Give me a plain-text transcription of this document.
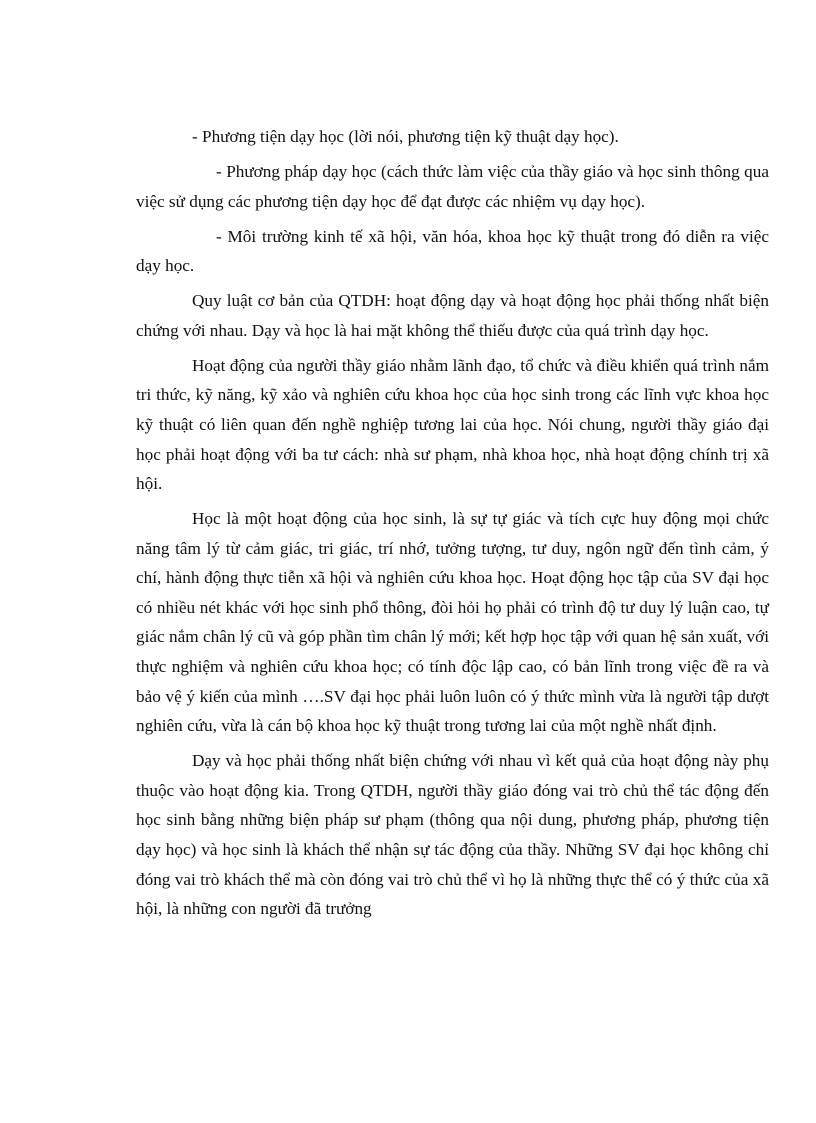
- Phương tiện dạy học (lời nói, phương tiện kỹ thuật dạy học).

- Phương pháp dạy học (cách thức làm việc của thầy giáo và học sinh thông qua việc sử dụng các phương tiện dạy học để đạt được các nhiệm vụ dạy học).

- Môi trường kinh tế xã hội, văn hóa, khoa học kỹ thuật trong đó diễn ra việc dạy học.

Quy luật cơ bản của QTDH: hoạt động dạy và hoạt động học phải thống nhất biện chứng với nhau. Dạy và học là hai mặt không thể thiếu được của quá trình dạy học.

Hoạt động của người thầy giáo nhằm lãnh đạo, tổ chức và điều khiển quá trình nắm tri thức, kỹ năng, kỹ xảo và nghiên cứu khoa học của học sinh trong các lĩnh vực khoa học kỹ thuật có liên quan đến nghề nghiệp tương lai của học. Nói chung, người thầy giáo đại học phải hoạt động với ba tư cách: nhà sư phạm, nhà khoa học, nhà hoạt động chính trị xã hội.

Học là một hoạt động của học sinh, là sự tự giác và tích cực huy động mọi chức năng tâm lý từ cảm giác, tri giác, trí nhớ, tưởng tượng, tư duy, ngôn ngữ đến tình cảm, ý chí, hành động thực tiễn xã hội và nghiên cứu khoa học. Hoạt động học tập của SV đại học có nhiều nét khác với học sinh phổ thông, đòi hỏi họ phải có trình độ tư duy lý luận cao, tự giác nắm chân lý cũ và góp phần tìm chân lý mới; kết hợp học tập với quan hệ sản xuất, với thực nghiệm và nghiên cứu khoa học; có tính độc lập cao, có bản lĩnh trong việc đề ra và bảo vệ ý kiến của mình ….SV đại học phải luôn luôn có ý thức mình vừa là người tập dượt nghiên cứu, vừa là cán bộ khoa học kỹ thuật trong tương lai của một nghề nhất định.

Dạy và học phải thống nhất biện chứng với nhau vì kết quả của hoạt động này phụ thuộc vào hoạt động kia. Trong QTDH, người thầy giáo đóng vai trò chủ thể tác động đến học sinh bằng những biện pháp sư phạm (thông qua nội dung, phương pháp, phương tiện dạy học) và học sinh là khách thể nhận sự tác động của thầy. Những SV đại học không chỉ đóng vai trò khách thể mà còn đóng vai trò chủ thể vì họ là những thực thể có ý thức của xã hội, là những con người đã trưởng
